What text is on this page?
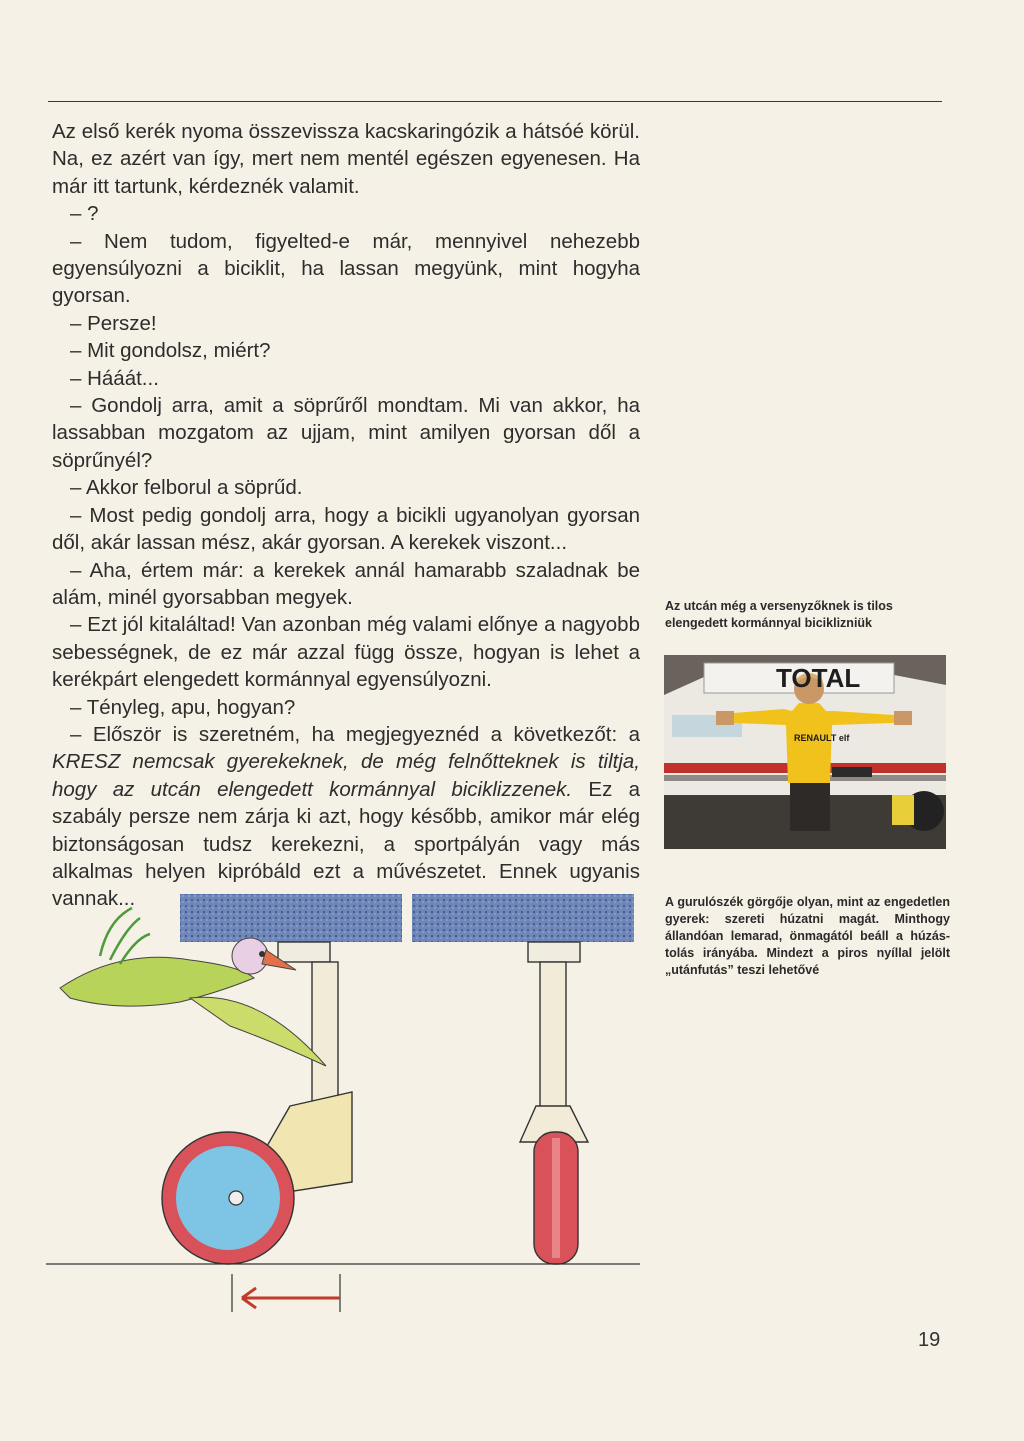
Az első kerék nyoma összevissza kacskaringózik a hátsóé körül. Na, ez azért van így, mert nem mentél egészen egyenesen. Ha már itt tartunk, kérdeznék valamit.

– ?

– Nem tudom, figyelted-e már, mennyivel nehezebb egyensúlyozni a biciklit, ha lassan megyünk, mint hogyha gyorsan.

– Persze!

– Mit gondolsz, miért?

– Hááát...

– Gondolj arra, amit a söprűről mondtam. Mi van akkor, ha lassabban mozgatom az ujjam, mint amilyen gyorsan dől a söprűnyél?

– Akkor felborul a söprűd.

– Most pedig gondolj arra, hogy a bicikli ugyanolyan gyorsan dől, akár lassan mész, akár gyorsan. A kerekek viszont...

– Aha, értem már: a kerekek annál hamarabb szaladnak be alám, minél gyorsabban megyek.

– Ezt jól kitaláltad! Van azonban még valami előnye a nagyobb sebességnek, de ez már azzal függ össze, hogyan is lehet a kerékpárt elengedett kormánnyal egyensúlyozni.

– Tényleg, apu, hogyan?

– Először is szeretném, ha megjegyeznéd a következőt: a KRESZ nemcsak gyerekeknek, de még felnőtteknek is tiltja, hogy az utcán elengedett kormánnyal biciklizzenek. Ez a szabály persze nem zárja ki azt, hogy később, amikor már elég biztonságosan tudsz kerekezni, a sportpályán vagy más alkalmas helyen kipróbáld ezt a művészetet. Ennek ugyanis vannak...

Az utcán még a versenyzőknek is tilos elengedett kormánnyal biciklizniük
TOTAL
RENAULT elf
A gurulószék görgője olyan, mint az engedetlen gyerek: szereti húzatni magát. Minthogy állandóan lemarad, önmagától beáll a húzás-tolás irányába. Mindezt a piros nyíllal jelölt „utánfutás” teszi lehetővé
19
